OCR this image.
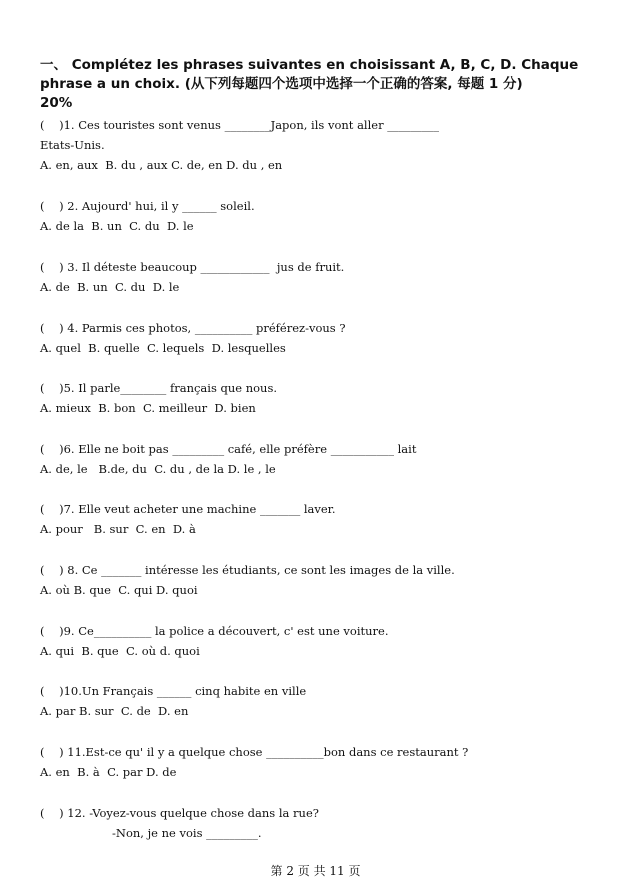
一、 Complétez les phrases suivantes en choisissant A, B, C, D. Chaque
phrase a un choix. (从下列每题四个选项中选择一个正确的答案, 每题 1 分)
20%
(    )1. Ces touristes sont venus ________Japon, ils vont aller _________
Etats-Unis.
A. en, aux  B. du , aux C. de, en D. du , en
(    ) 2. Aujourd' hui, il y ______ soleil.
A. de la  B. un  C. du  D. le
(    ) 3. Il déteste beaucoup ____________  jus de fruit.
A. de  B. un  C. du  D. le
(    ) 4. Parmis ces photos, __________ préférez-vous ?
A. quel  B. quelle  C. lequels  D. lesquelles
(    )5. Il parle________ français que nous.
A. mieux  B. bon  C. meilleur  D. bien
(    )6. Elle ne boit pas _________ café, elle préfère ___________ lait
A. de, le   B.de, du  C. du , de la D. le , le
(    )7. Elle veut acheter une machine _______ laver.
A. pour   B. sur  C. en  D. à
(    ) 8. Ce _______ intéresse les étudiants, ce sont les images de la ville.
A. où B. que  C. qui D. quoi
(    )9. Ce__________ la police a découvert, c' est une voiture.
A. qui  B. que  C. où d. quoi
(    )10.Un Français ______ cinq habite en ville
A. par B. sur  C. de  D. en
(    ) 11.Est-ce qu' il y a quelque chose __________bon dans ce restaurant ?
A. en  B. à  C. par D. de
(    ) 12. -Voyez-vous quelque chose dans la rue?
-Non, je ne vois _________.
第 2 页 共 11 页
